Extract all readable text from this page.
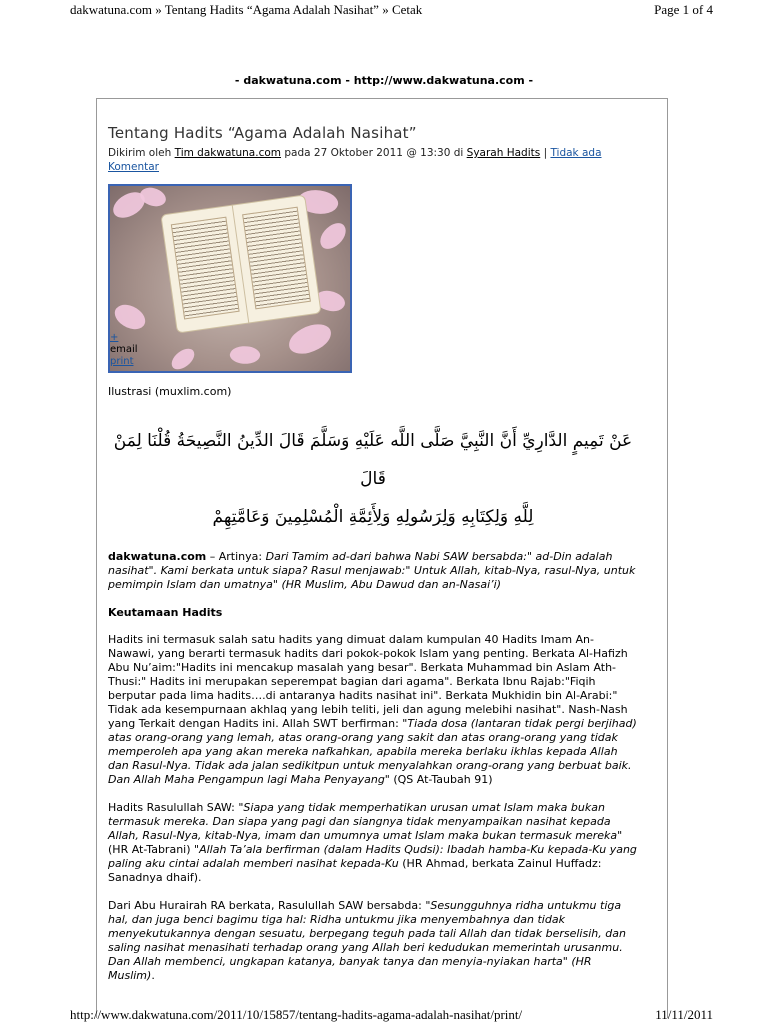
dakwatuna.com » Tentang Hadits “Agama Adalah Nasihat” » Cetak	Page 1 of 4
- dakwatuna.com - http://www.dakwatuna.com -
Tentang Hadits “Agama Adalah Nasihat”
Dikirim oleh Tim dakwatuna.com pada 27 Oktober 2011 @ 13:30 di Syarah Hadits | Tidak ada Komentar
+
email
print
Ilustrasi (muxlim.com)
عَنْ تَمِيمٍ الدَّارِيِّ أَنَّ النَّبِيَّ صَلَّى اللَّه عَلَيْهِ وَسَلَّمَ قَالَ الدِّينُ النَّصِيحَةُ قُلْنَا لِمَنْ قَالَ
لِلَّهِ وَلِكِتَابِهِ وَلِرَسُولِهِ وَلِأَئِمَّةِ الْمُسْلِمِينَ وَعَامَّتِهِمْ
dakwatuna.com – Artinya: Dari Tamim ad-dari bahwa Nabi SAW bersabda:" ad-Din adalah nasihat". Kami berkata untuk siapa? Rasul menjawab:" Untuk Allah, kitab-Nya, rasul-Nya, untuk pemimpin Islam dan umatnya" (HR Muslim, Abu Dawud dan an-Nasai’i)
Keutamaan Hadits
Hadits ini termasuk salah satu hadits yang dimuat dalam kumpulan 40 Hadits Imam An-Nawawi, yang berarti termasuk hadits dari pokok-pokok Islam yang penting. Berkata Al-Hafizh Abu Nu’aim:"Hadits ini mencakup masalah yang besar". Berkata Muhammad bin Aslam Ath-Thusi:" Hadits ini merupakan seperempat bagian dari agama". Berkata Ibnu Rajab:"Fiqih berputar pada lima hadits….di antaranya hadits nasihat ini". Berkata Mukhidin bin Al-Arabi:" Tidak ada kesempurnaan akhlaq yang lebih teliti, jeli dan agung melebihi nasihat". Nash-Nash yang Terkait dengan Hadits ini. Allah SWT berfirman: "Tiada dosa (lantaran tidak pergi berjihad) atas orang-orang yang lemah, atas orang-orang yang sakit dan atas orang-orang yang tidak memperoleh apa yang akan mereka nafkahkan, apabila mereka berlaku ikhlas kepada Allah dan Rasul-Nya. Tidak ada jalan sedikitpun untuk menyalahkan orang-orang yang berbuat baik. Dan Allah Maha Pengampun lagi Maha Penyayang" (QS At-Taubah 91)
Hadits Rasulullah SAW: "Siapa yang tidak memperhatikan urusan umat Islam maka bukan termasuk mereka. Dan siapa yang pagi dan siangnya tidak menyampaikan nasihat kepada Allah, Rasul-Nya, kitab-Nya, imam dan umumnya umat Islam maka bukan termasuk mereka" (HR At-Tabrani) "Allah Ta’ala berfirman (dalam Hadits Qudsi): Ibadah hamba-Ku kepada-Ku yang paling aku cintai adalah memberi nasihat kepada-Ku (HR Ahmad, berkata Zainul Huffadz: Sanadnya dhaif).
Dari Abu Hurairah RA berkata, Rasulullah SAW bersabda: "Sesungguhnya ridha untukmu tiga hal, dan juga benci bagimu tiga hal: Ridha untukmu jika menyembahnya dan tidak menyekutukannya dengan sesuatu, berpegang teguh pada tali Allah dan tidak berselisih, dan saling nasihat menasihati terhadap orang yang Allah beri kedudukan memerintah urusanmu. Dan Allah membenci, ungkapan katanya, banyak tanya dan menyia-nyiakan harta" (HR Muslim).
http://www.dakwatuna.com/2011/10/15857/tentang-hadits-agama-adalah-nasihat/print/	11/11/2011
